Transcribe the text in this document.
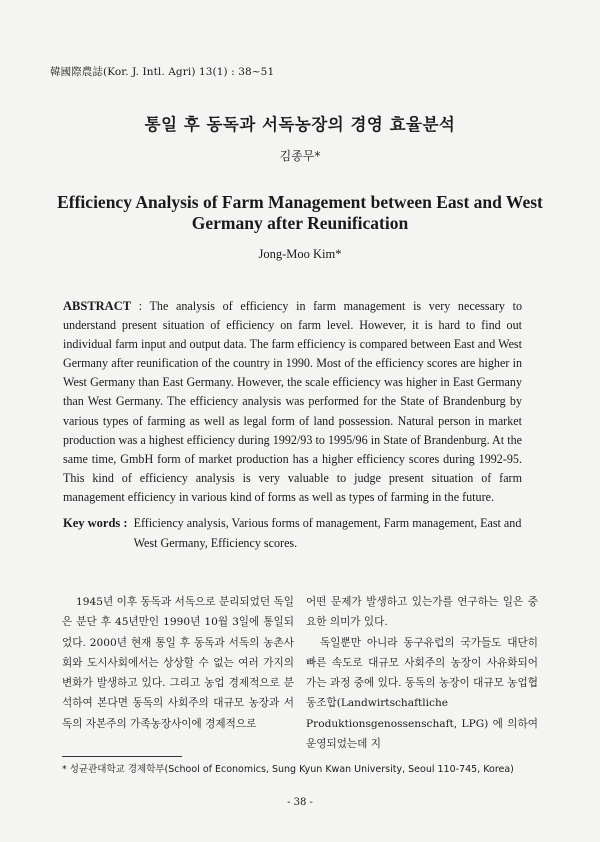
韓國際農誌(Kor. J. Intl. Agri) 13(1) : 38~51
통일 후 동독과 서독농장의 경영 효율분석
김종무*
Efficiency Analysis of Farm Management between East and West Germany after Reunification
Jong-Moo Kim*
ABSTRACT : The analysis of efficiency in farm management is very necessary to understand present situation of efficiency on farm level. However, it is hard to find out individual farm input and output data. The farm efficiency is compared between East and West Germany after reunification of the country in 1990. Most of the efficiency scores are higher in West Germany than East Germany. However, the scale efficiency was higher in East Germany than West Germany. The efficiency analysis was performed for the State of Brandenburg by various types of farming as well as legal form of land possession. Natural person in market production was a highest efficiency during 1992/93 to 1995/96 in State of Brandenburg. At the same time, GmbH form of market production has a higher efficiency scores during 1992-95. This kind of efficiency analysis is very valuable to judge present situation of farm management efficiency in various kind of forms as well as types of farming in the future.
Key words : Efficiency analysis, Various forms of management, Farm management, East and West Germany, Efficiency scores.

1945년 이후 동독과 서독으로 분리되었던 독일은 분단 후 45년만인 1990년 10월 3일에 통일되었다. 2000년 현재 통일 후 동독과 서독의 농촌사회와 도시사회에서는 상상할 수 없는 여러 가지의 변화가 발생하고 있다. 그리고 농업 경제적으로 분석하여 본다면 동독의 사회주의 대규모 농장과 서독의 자본주의 가족농장사이에 경제적으로

어떤 문제가 발생하고 있는가를 연구하는 일은 중요한 의미가 있다.

독일뿐만 아니라 동구유럽의 국가들도 대단히 빠른 속도로 대규모 사회주의 농장이 사유화되어 가는 과정 중에 있다. 동독의 농장이 대규모 농업협동조합(Landwirtschaftliche Produktionsgenossenschaft, LPG) 에 의하여 운영되었는데 지

* 성균관대학교 경제학부(School of Economics, Sung Kyun Kwan University, Seoul 110-745, Korea)
- 38 -
